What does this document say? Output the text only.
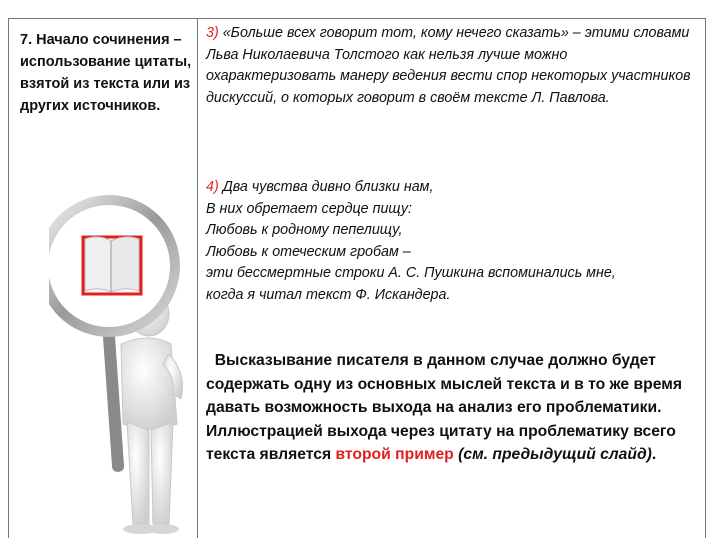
7. Начало сочинения – использование цитаты, взятой из текста или из других источников.
3) «Больше всех говорит тот, кому нечего сказать» – этими словами Льва Николаевича Толстого как нельзя лучше можно охарактеризовать манеру ведения вести спор некоторых участников дискуссий, о которых говорит в своём тексте Л. Павлова.
4) Два чувства дивно близки нам,
В них обретает сердце пищу:
Любовь к родному пепелищу,
Любовь к отеческим гробам –
эти бессмертные строки А. С. Пушкина вспоминались мне,
когда я читал текст Ф. Искандера.
Высказывание писателя в данном случае должно будет содержать одну из основных мыслей текста и в то же время давать возможность выхода на анализ его проблематики. Иллюстрацией выхода через цитату на проблематику всего текста является второй пример (см. предыдущий слайд).
